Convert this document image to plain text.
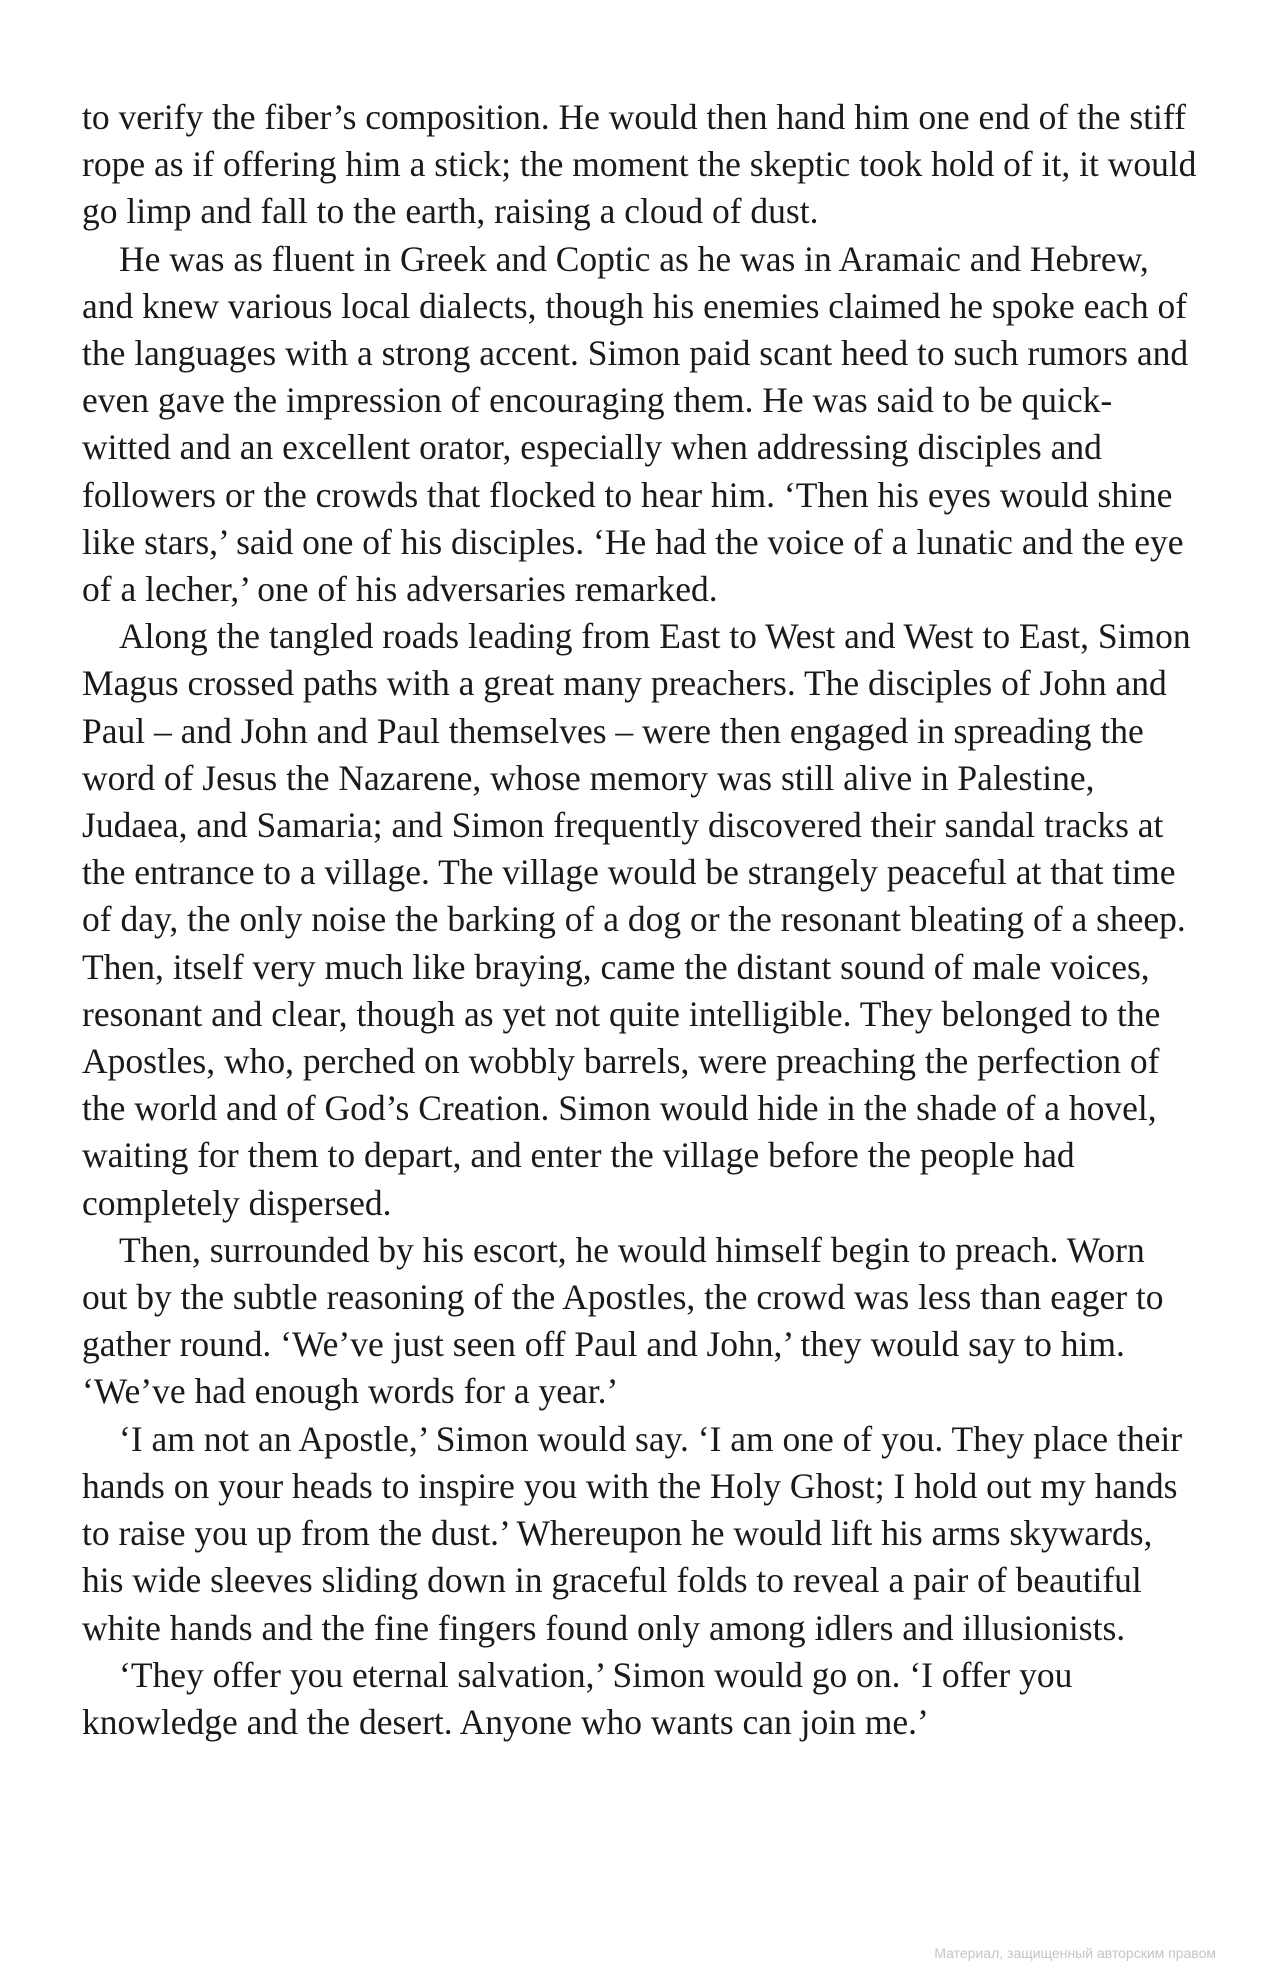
to verify the fiber’s composition. He would then hand him one end of the stiff rope as if offering him a stick; the moment the skeptic took hold of it, it would go limp and fall to the earth, raising a cloud of dust.

He was as fluent in Greek and Coptic as he was in Aramaic and Hebrew, and knew various local dialects, though his enemies claimed he spoke each of the languages with a strong accent. Simon paid scant heed to such rumors and even gave the impression of encouraging them. He was said to be quick-witted and an excellent orator, especially when addressing disciples and followers or the crowds that flocked to hear him. ‘Then his eyes would shine like stars,’ said one of his disciples. ‘He had the voice of a lunatic and the eye of a lecher,’ one of his adversaries remarked.

Along the tangled roads leading from East to West and West to East, Simon Magus crossed paths with a great many preachers. The disciples of John and Paul – and John and Paul themselves – were then engaged in spreading the word of Jesus the Nazarene, whose memory was still alive in Palestine, Judaea, and Samaria; and Simon frequently discovered their sandal tracks at the entrance to a village. The village would be strangely peaceful at that time of day, the only noise the barking of a dog or the resonant bleating of a sheep. Then, itself very much like braying, came the distant sound of male voices, resonant and clear, though as yet not quite intelligible. They belonged to the Apostles, who, perched on wobbly barrels, were preaching the perfection of the world and of God’s Creation. Simon would hide in the shade of a hovel, waiting for them to depart, and enter the village before the people had completely dispersed.

Then, surrounded by his escort, he would himself begin to preach. Worn out by the subtle reasoning of the Apostles, the crowd was less than eager to gather round. ‘We’ve just seen off Paul and John,’ they would say to him. ‘We’ve had enough words for a year.’

‘I am not an Apostle,’ Simon would say. ‘I am one of you. They place their hands on your heads to inspire you with the Holy Ghost; I hold out my hands to raise you up from the dust.’ Whereupon he would lift his arms skywards, his wide sleeves sliding down in graceful folds to reveal a pair of beautiful white hands and the fine fingers found only among idlers and illusionists.

‘They offer you eternal salvation,’ Simon would go on. ‘I offer you knowledge and the desert. Anyone who wants can join me.’

Материал, защищенный авторским правом
